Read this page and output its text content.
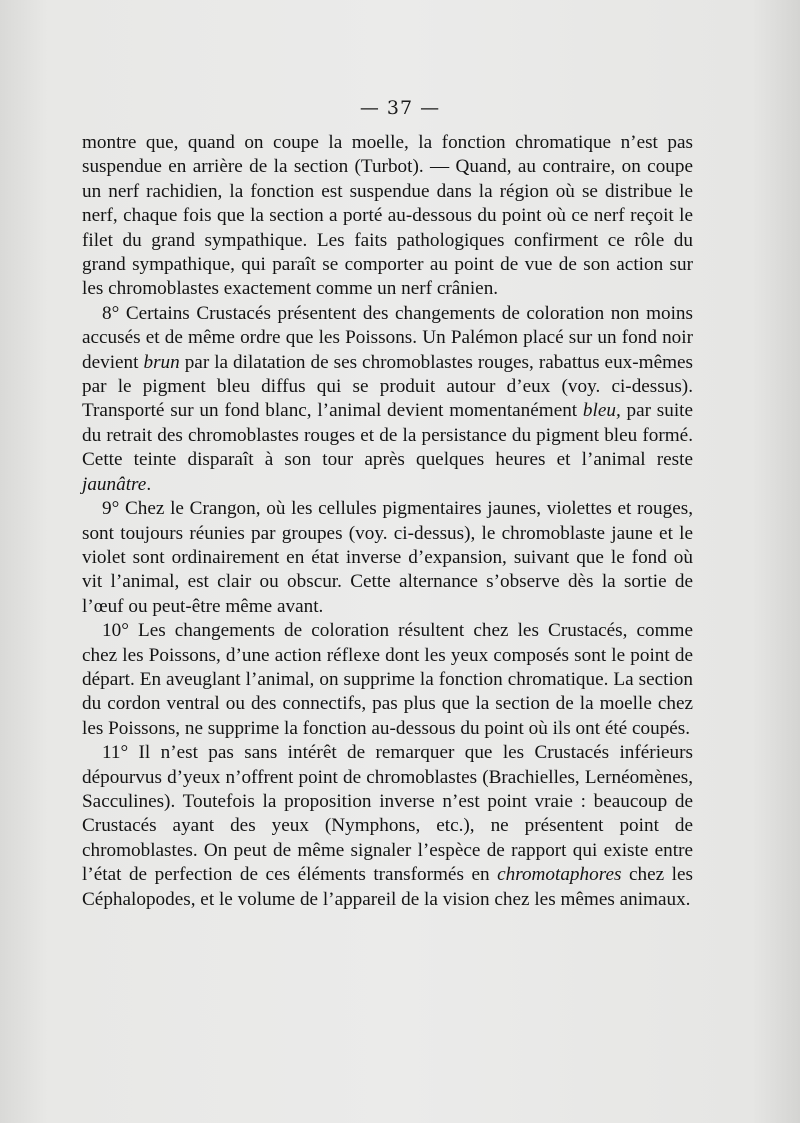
— 37 —

montre que, quand on coupe la moelle, la fonction chromatique n’est pas suspendue en arrière de la section (Turbot). — Quand, au contraire, on coupe un nerf rachidien, la fonction est suspendue dans la région où se distribue le nerf, chaque fois que la section a porté au-dessous du point où ce nerf reçoit le filet du grand sympathique. Les faits pathologiques confirment ce rôle du grand sympathique, qui paraît se comporter au point de vue de son action sur les chromoblastes exactement comme un nerf crânien.

8° Certains Crustacés présentent des changements de coloration non moins accusés et de même ordre que les Poissons. Un Palémon placé sur un fond noir devient brun par la dilatation de ses chromoblastes rouges, rabattus eux-mêmes par le pigment bleu diffus qui se produit autour d’eux (voy. ci-dessus). Transporté sur un fond blanc, l’animal devient momentanément bleu, par suite du retrait des chromoblastes rouges et de la persistance du pigment bleu formé. Cette teinte disparaît à son tour après quelques heures et l’animal reste jaunâtre.

9° Chez le Crangon, où les cellules pigmentaires jaunes, violettes et rouges, sont toujours réunies par groupes (voy. ci-dessus), le chromoblaste jaune et le violet sont ordinairement en état inverse d’expansion, suivant que le fond où vit l’animal, est clair ou obscur. Cette alternance s’observe dès la sortie de l’œuf ou peut-être même avant.

10° Les changements de coloration résultent chez les Crustacés, comme chez les Poissons, d’une action réflexe dont les yeux composés sont le point de départ. En aveuglant l’animal, on supprime la fonction chromatique. La section du cordon ventral ou des connectifs, pas plus que la section de la moelle chez les Poissons, ne supprime la fonction au-dessous du point où ils ont été coupés.

11° Il n’est pas sans intérêt de remarquer que les Crustacés inférieurs dépourvus d’yeux n’offrent point de chromoblastes (Brachielles, Lernéomènes, Sacculines). Toutefois la proposition inverse n’est point vraie : beaucoup de Crustacés ayant des yeux (Nymphons, etc.), ne présentent point de chromoblastes. On peut de même signaler l’espèce de rapport qui existe entre l’état de perfection de ces éléments transformés en chromotaphores chez les Céphalopodes, et le volume de l’appareil de la vision chez les mêmes animaux.
